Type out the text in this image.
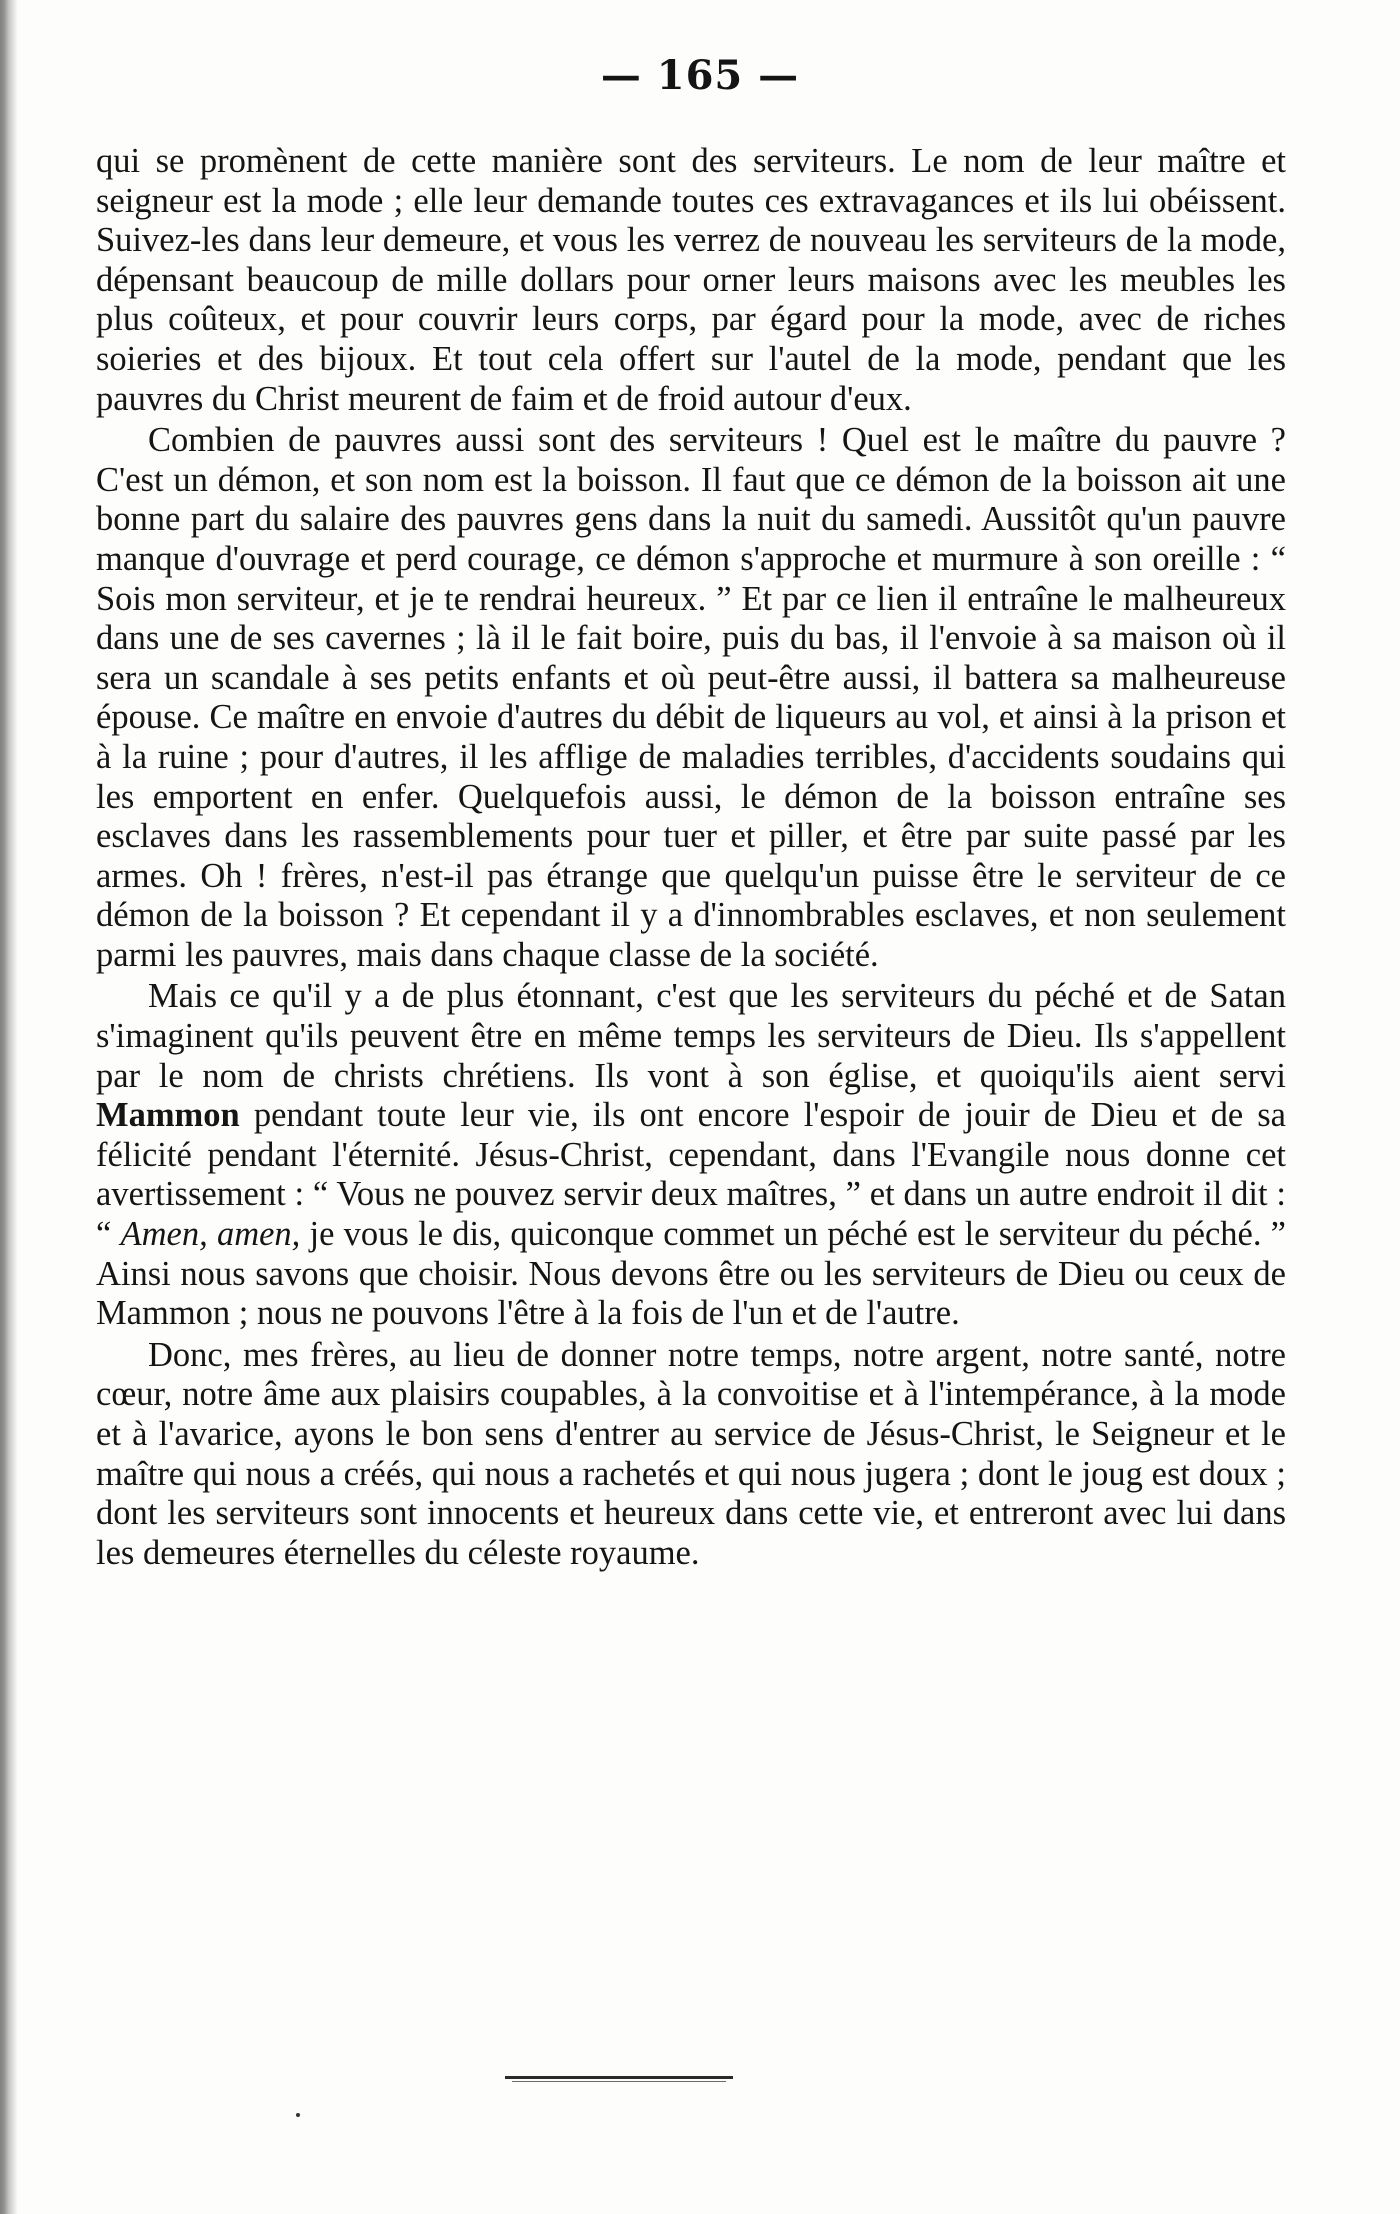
— 165 —

qui se promènent de cette manière sont des serviteurs. Le nom de leur maître et seigneur est la mode ; elle leur demande toutes ces extravagances et ils lui obéissent. Suivez-les dans leur demeure, et vous les verrez de nouveau les serviteurs de la mode, dépensant beaucoup de mille dollars pour orner leurs maisons avec les meubles les plus coûteux, et pour couvrir leurs corps, par égard pour la mode, avec de riches soieries et des bijoux. Et tout cela offert sur l'autel de la mode, pendant que les pauvres du Christ meurent de faim et de froid autour d'eux.

Combien de pauvres aussi sont des serviteurs ! Quel est le maître du pauvre ? C'est un démon, et son nom est la boisson. Il faut que ce démon de la boisson ait une bonne part du salaire des pauvres gens dans la nuit du samedi. Aussitôt qu'un pauvre manque d'ouvrage et perd courage, ce démon s'approche et murmure à son oreille : “ Sois mon serviteur, et je te rendrai heureux. ” Et par ce lien il entraîne le malheureux dans une de ses cavernes ; là il le fait boire, puis du bas, il l'envoie à sa maison où il sera un scandale à ses petits enfants et où peut-être aussi, il battera sa malheureuse épouse. Ce maître en envoie d'autres du débit de liqueurs au vol, et ainsi à la prison et à la ruine ; pour d'autres, il les afflige de maladies terribles, d'accidents soudains qui les emportent en enfer. Quelquefois aussi, le démon de la boisson entraîne ses esclaves dans les rassemblements pour tuer et piller, et être par suite passé par les armes. Oh ! frères, n'est-il pas étrange que quelqu'un puisse être le serviteur de ce démon de la boisson ? Et cependant il y a d'innombrables esclaves, et non seulement parmi les pauvres, mais dans chaque classe de la société.

Mais ce qu'il y a de plus étonnant, c'est que les serviteurs du péché et de Satan s'imaginent qu'ils peuvent être en même temps les serviteurs de Dieu. Ils s'appellent par le nom de christs chrétiens. Ils vont à son église, et quoiqu'ils aient servi Mammon pendant toute leur vie, ils ont encore l'espoir de jouir de Dieu et de sa félicité pendant l'éternité. Jésus-Christ, cependant, dans l'Evangile nous donne cet avertissement : “ Vous ne pouvez servir deux maîtres, ” et dans un autre endroit il dit : “ Amen, amen, je vous le dis, quiconque commet un péché est le serviteur du péché. ” Ainsi nous savons que choisir. Nous devons être ou les serviteurs de Dieu ou ceux de Mammon ; nous ne pouvons l'être à la fois de l'un et de l'autre.

Donc, mes frères, au lieu de donner notre temps, notre argent, notre santé, notre cœur, notre âme aux plaisirs coupables, à la convoitise et à l'intempérance, à la mode et à l'avarice, ayons le bon sens d'entrer au service de Jésus-Christ, le Seigneur et le maître qui nous a créés, qui nous a rachetés et qui nous jugera ; dont le joug est doux ; dont les serviteurs sont innocents et heureux dans cette vie, et entreront avec lui dans les demeures éternelles du céleste royaume.
